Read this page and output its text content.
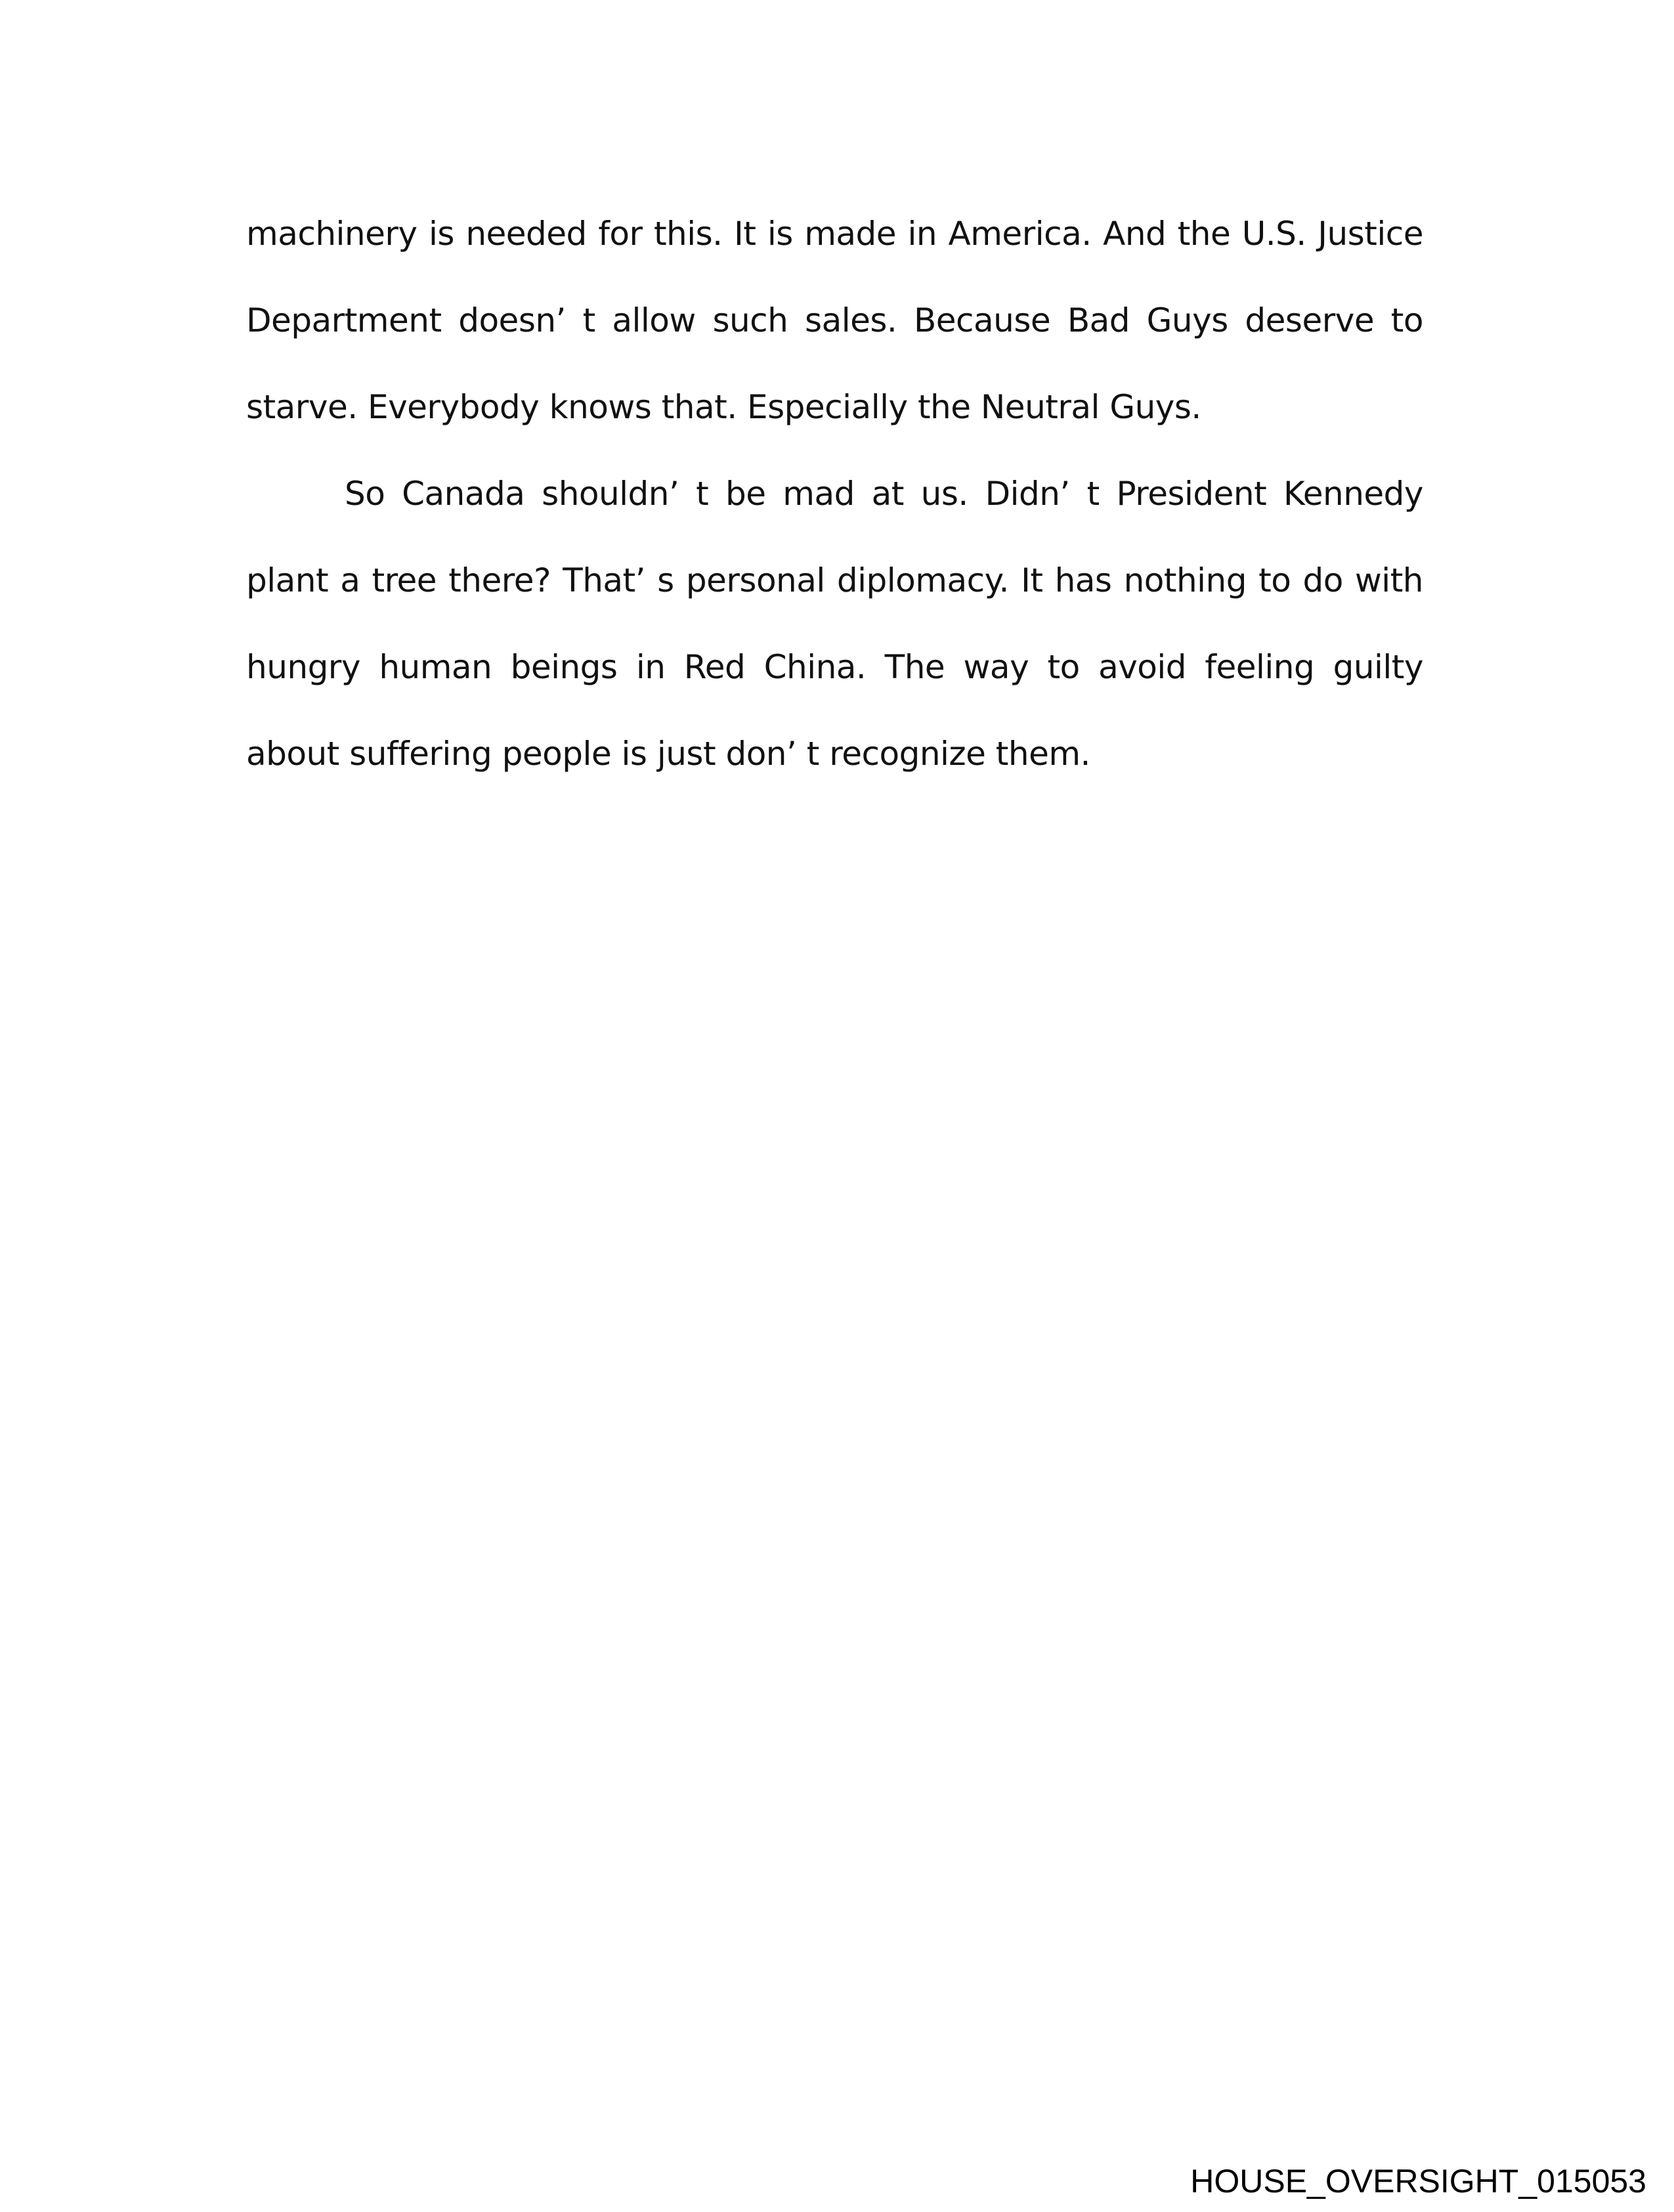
machinery is needed for this. It is made in America. And the U.S. Justice Department doesn’ t allow such sales. Because Bad Guys deserve to starve. Everybody knows that. Especially the Neutral Guys.

So Canada shouldn’ t be mad at us. Didn’ t President Kennedy plant a tree there? That’ s personal diplomacy. It has nothing to do with hungry human beings in Red China. The way to avoid feeling guilty about suffering people is just don’ t recognize them.

HOUSE_OVERSIGHT_015053
